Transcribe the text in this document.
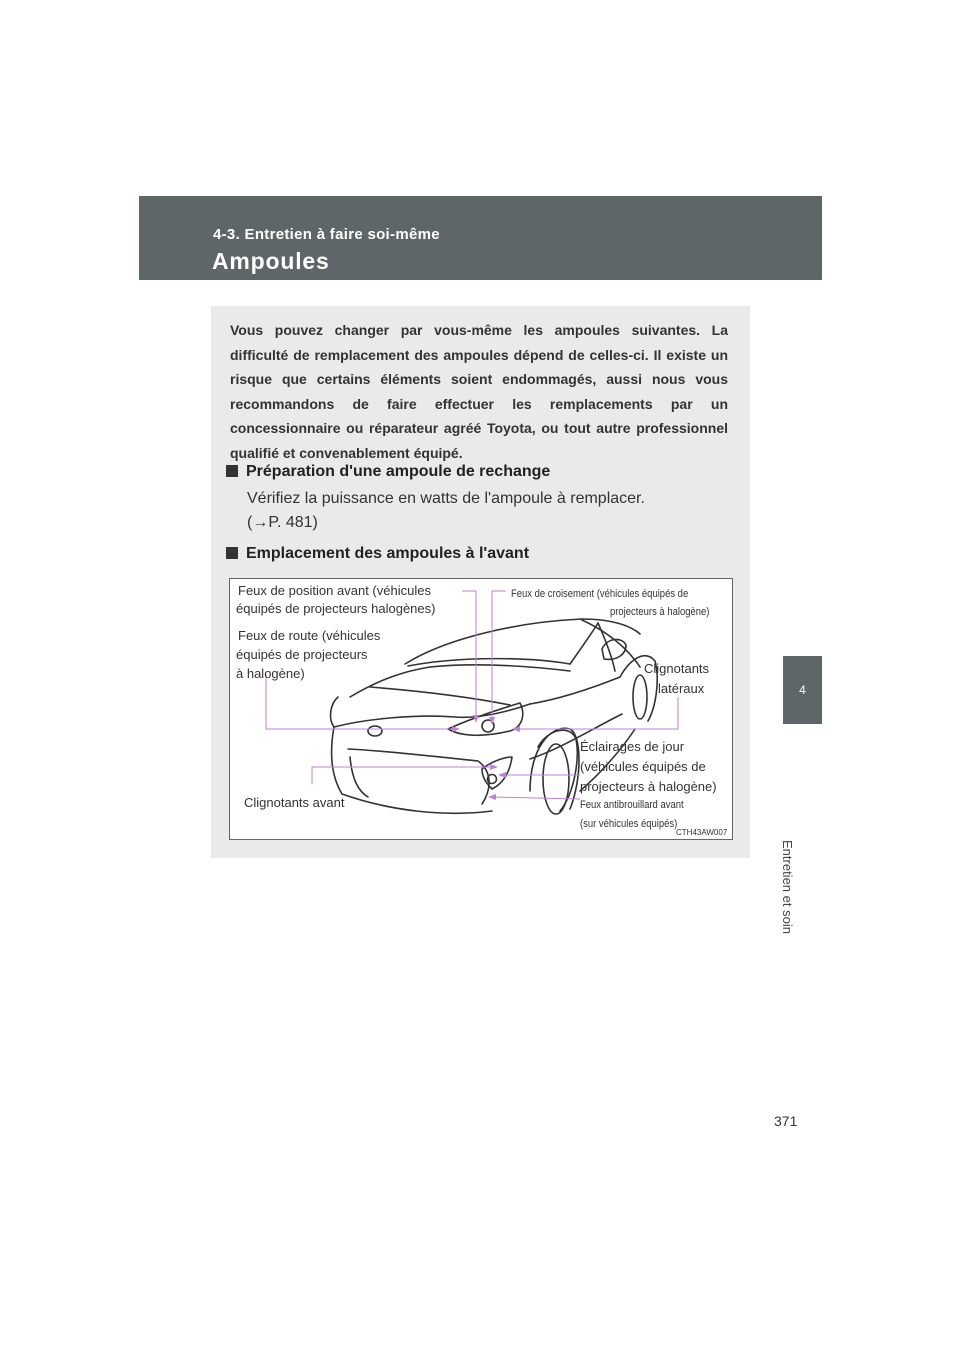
4-3. Entretien à faire soi-même
Ampoules
4
Entretien et soin
Vous pouvez changer par vous-même les ampoules suivantes. La difficulté de remplacement des ampoules dépend de celles-ci. Il existe un risque que certains éléments soient endommagés, aussi nous vous recommandons de faire effectuer les remplacements par un concessionnaire ou réparateur agréé Toyota, ou tout autre professionnel qualifié et convenablement équipé.
Préparation d'une ampoule de rechange
Vérifiez la puissance en watts de l'ampoule à remplacer.
(→P. 481)
Emplacement des ampoules à l'avant
Feux de position avant (véhicules
équipés de projecteurs halogènes)
Feux de croisement (véhicules équipés de
projecteurs à halogène)
Feux de route (véhicules
équipés de projecteurs
à halogène)	Clignotants
latéraux
Éclairages de jour
(véhicules équipés de
projecteurs à halogène)
Feux antibrouillard avant
(sur véhicules équipés)
CTH43AW007
Clignotants avant
371
